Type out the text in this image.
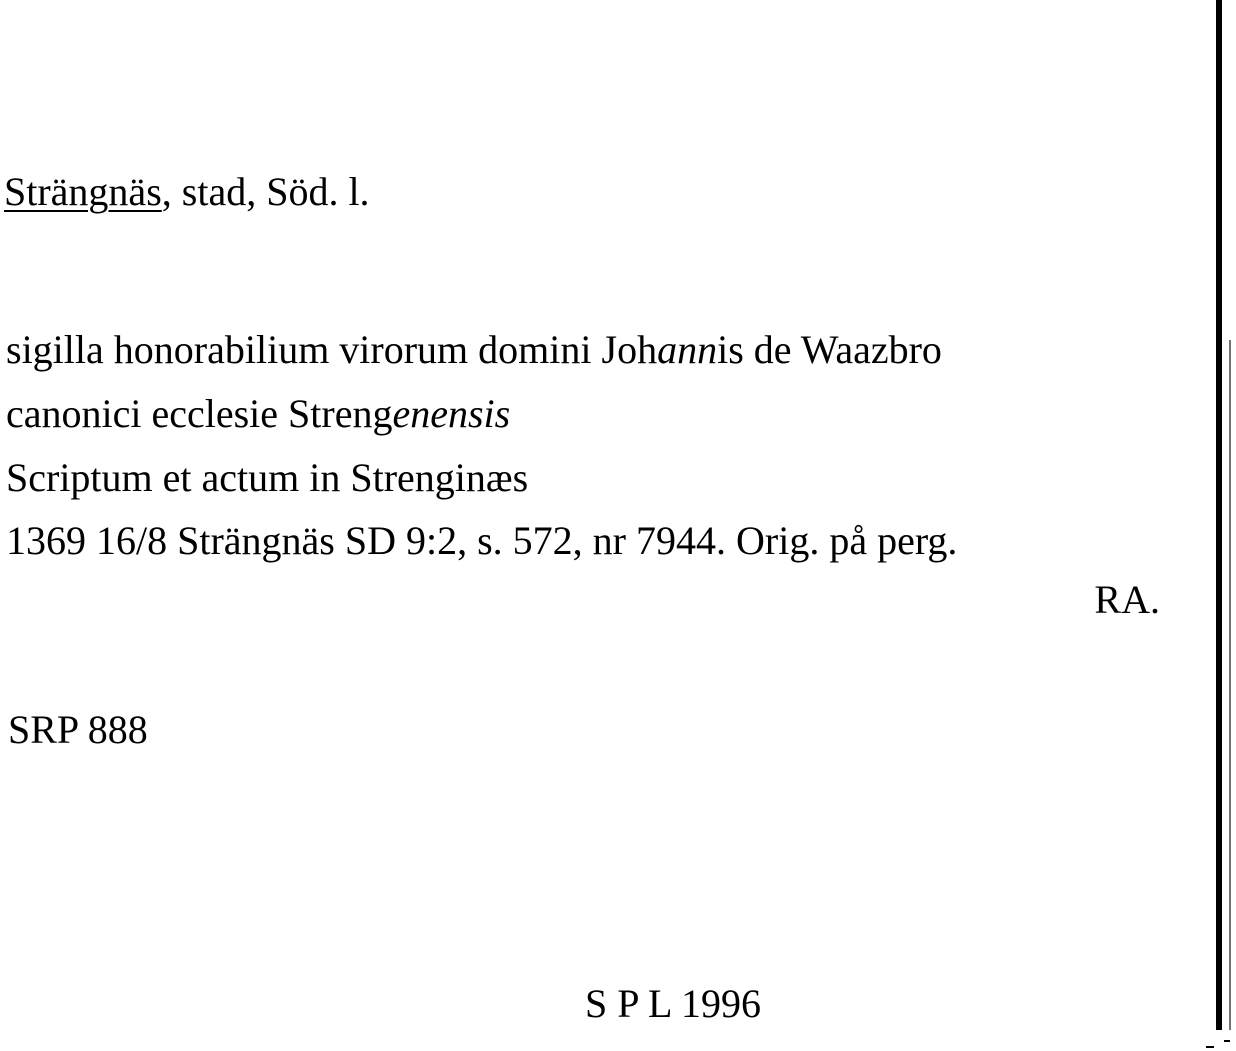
Strängnäs, stad, Söd. l.
sigilla honorabilium virorum domini Johannis de Waazbro
canonici ecclesie Strengenensis
Scriptum et actum in Strenginæs
1369 16/8 Strängnäs SD 9:2, s. 572, nr 7944. Orig. på perg.
RA.
SRP 888
S P L 1996
